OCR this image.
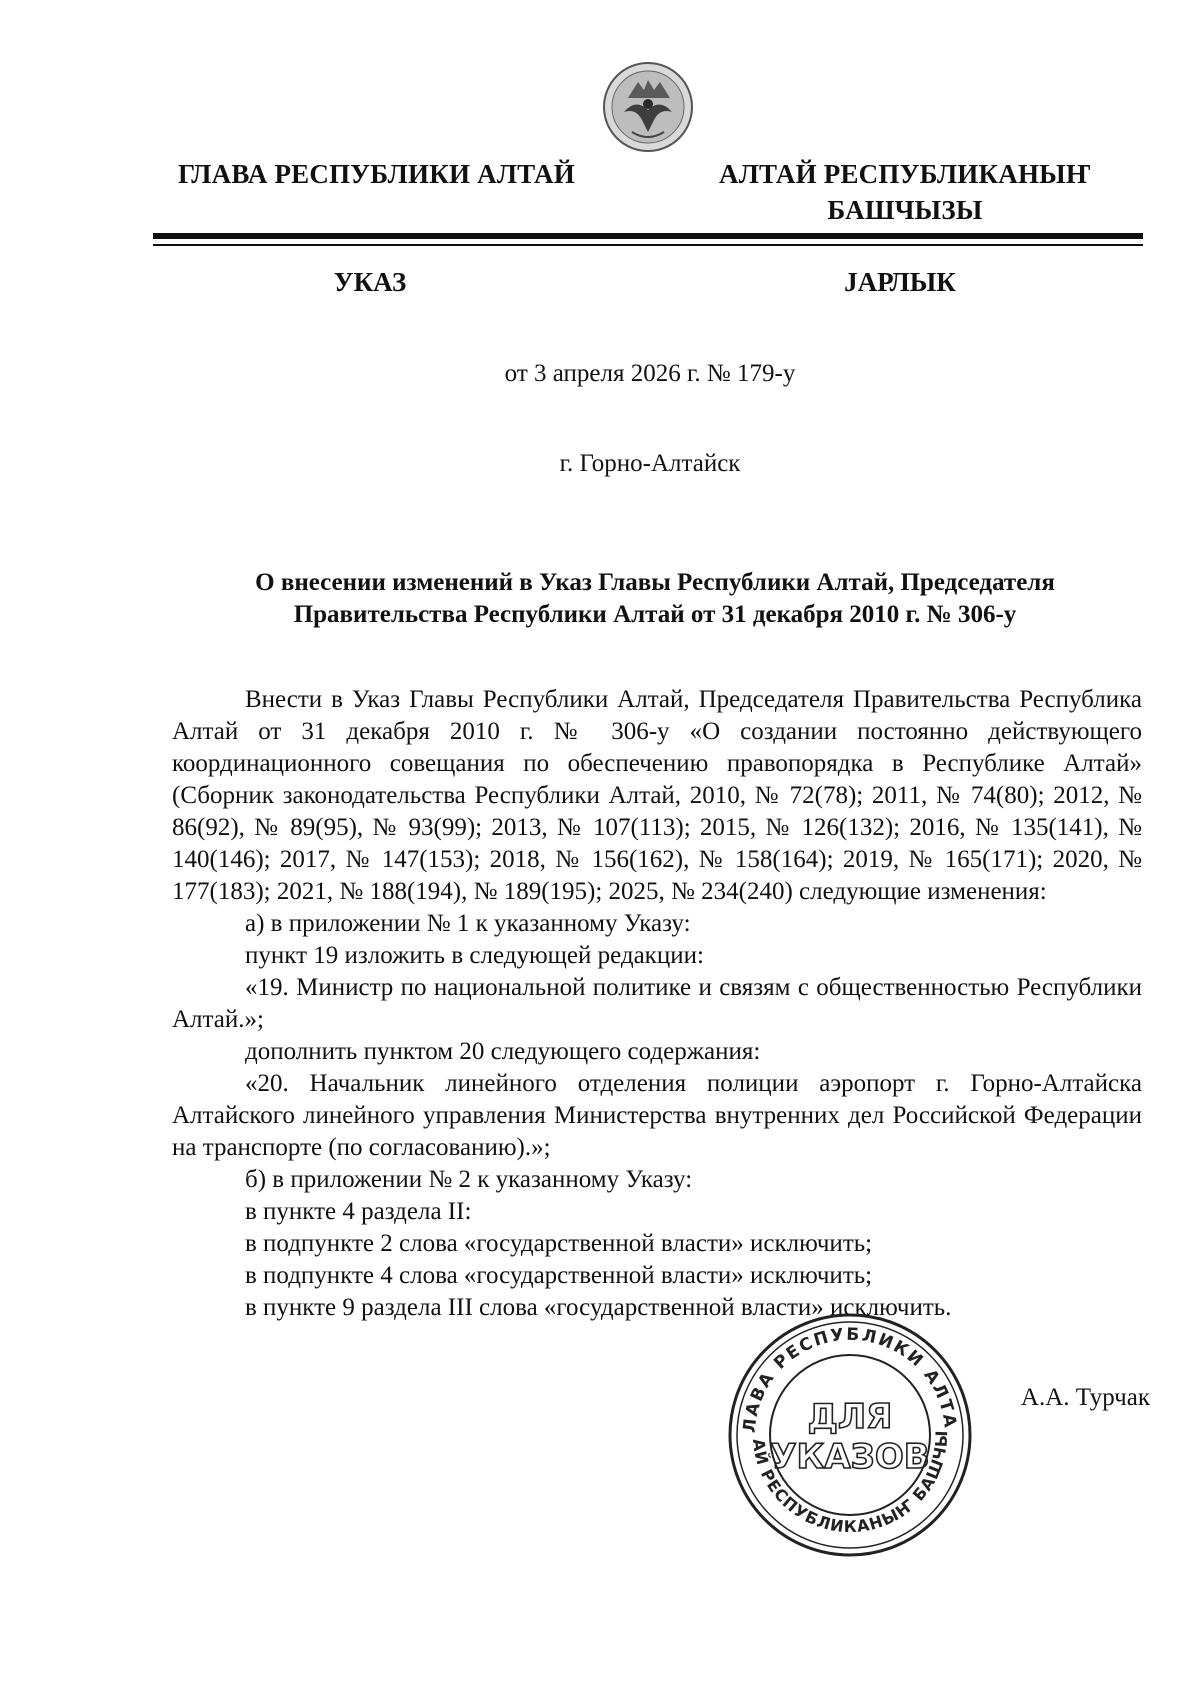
ГЛАВА РЕСПУБЛИКИ АЛТАЙ	АЛТАЙ РЕСПУБЛИКАНЫҤ
БАШЧЫЗЫ
УКАЗ	ЈАРЛЫК
от 3 апреля 2026 г. № 179-у
г. Горно-Алтайск
О внесении изменений в Указ Главы Республики Алтай, Председателя
Правительства Республики Алтай от 31 декабря 2010 г. № 306-у

Внести в Указ Главы Республики Алтай, Председателя Правительства Республика Алтай от 31 декабря 2010 г. № 306-у «О создании постоянно действующего координационного совещания по обеспечению правопорядка в Республике Алтай» (Сборник законодательства Республики Алтай, 2010, № 72(78); 2011, № 74(80); 2012, № 86(92), № 89(95), № 93(99); 2013, № 107(113); 2015, № 126(132); 2016, № 135(141), № 140(146); 2017, № 147(153); 2018, № 156(162), № 158(164); 2019, № 165(171); 2020, № 177(183); 2021, № 188(194), № 189(195); 2025, № 234(240) следующие изменения:

а) в приложении № 1 к указанному Указу:

пункт 19 изложить в следующей редакции:

«19. Министр по национальной политике и связям с общественностью Республики Алтай.»;

дополнить пунктом 20 следующего содержания:

«20. Начальник линейного отделения полиции аэропорт г. Горно-Алтайска Алтайского линейного управления Министерства внутренних дел Российской Федерации на транспорте (по согласованию).»;

б) в приложении № 2 к указанному Указу:

в пункте 4 раздела II:

в подпункте 2 слова «государственной власти» исключить;

в подпункте 4 слова «государственной власти» исключить;

в пункте 9 раздела III слова «государственной власти» исключить.

ЛАВА РЕСПУБЛИКИ АЛТА
АЙ РЕСПУБЛИКАНЫҤ БАШЧЫ
ДЛЯ
УКАЗОВ
А.А. Турчак
